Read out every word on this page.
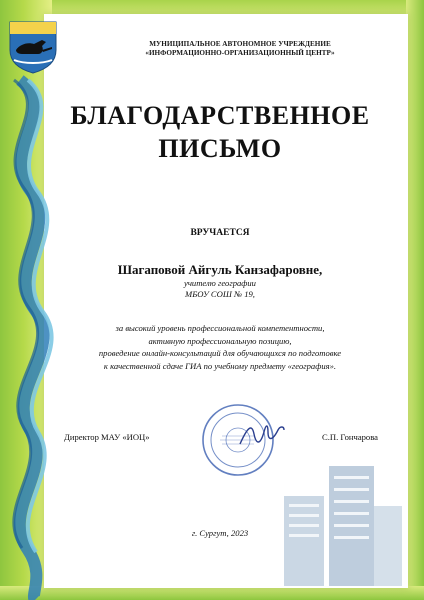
МУНИЦИПАЛЬНОЕ АВТОНОМНОЕ УЧРЕЖДЕНИЕ
«ИНФОРМАЦИОННО-ОРГАНИЗАЦИОННЫЙ ЦЕНТР»
БЛАГОДАРСТВЕННОЕ
ПИСЬМО
ВРУЧАЕТСЯ
Шагаповой Айгуль Канзафаровне,
учителю географии
МБОУ СОШ № 19,
за высокий уровень профессиональной компетентности,
активную профессиональную позицию,
проведение онлайн-консультаций для обучающихся по подготовке
к качественной сдаче ГИА по учебному предмету «география».
Директор МАУ «ИОЦ»	С.П. Гончарова
г. Сургут, 2023
